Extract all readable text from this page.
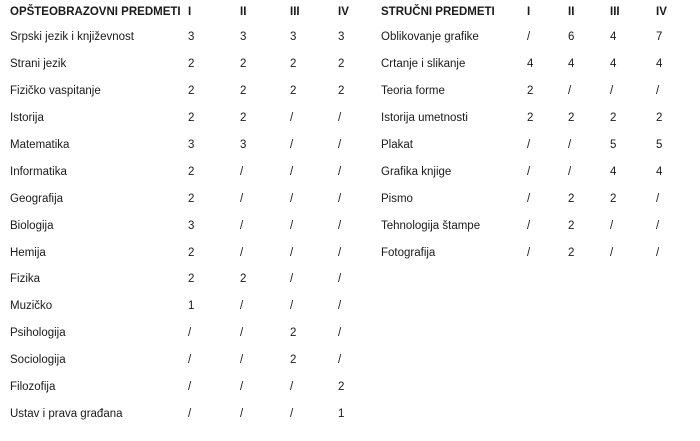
OPŠTEOBRAZOVNI PREDMETI	I	II	III	IV
Srpski jezik i književnost	3	3	3	3
Strani jezik	2	2	2	2
Fizičko vaspitanje	2	2	2	2
Istorija	2	2	/	/
Matematika	3	3	/	/
Informatika	2	/	/	/
Geografija	2	/	/	/
Biologija	3	/	/	/
Hemija	2	/	/	/
Fizika	2	2	/	/
Muzičko	1	/	/	/
Psihologija	/	/	2	/
Sociologija	/	/	2	/
Filozofija	/	/	/	2
Ustav i prava građana	/	/	/	1
STRUČNI PREDMETI	I	II	III	IV
Oblikovanje grafike	/	6	4	7
Crtanje i slikanje	4	4	4	4
Teoria forme	2	/	/	/
Istorija umetnosti	2	2	2	2
Plakat	/	/	5	5
Grafika knjige	/	/	4	4
Pismo	/	2	2	/
Tehnologija štampe	/	2	/	/
Fotografija	/	2	/	/
